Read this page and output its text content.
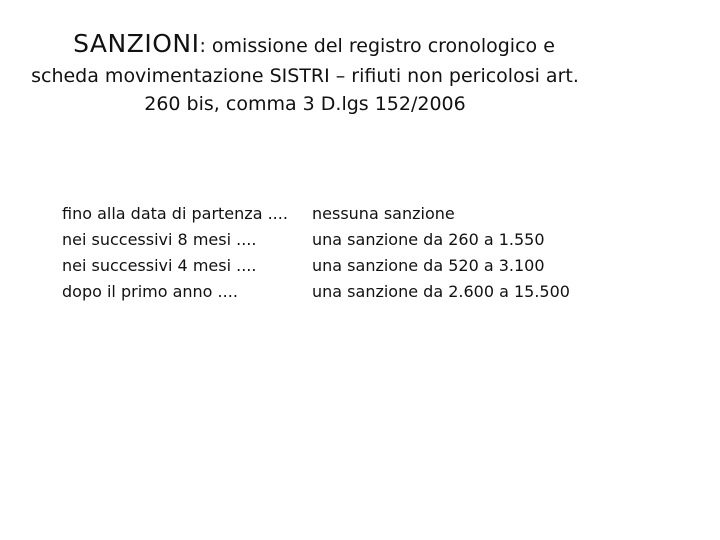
SANZIONI: omissione del registro cronologico e
scheda movimentazione SISTRI – rifiuti non pericolosi art.
260 bis, comma 3 D.lgs 152/2006
fino alla data di partenza .... nessuna sanzione
nei successivi 8 mesi ....	una sanzione da 260 a 1.550
nei successivi 4 mesi ....	una sanzione da 520 a 3.100
dopo il primo anno ....	una sanzione da 2.600 a 15.500
